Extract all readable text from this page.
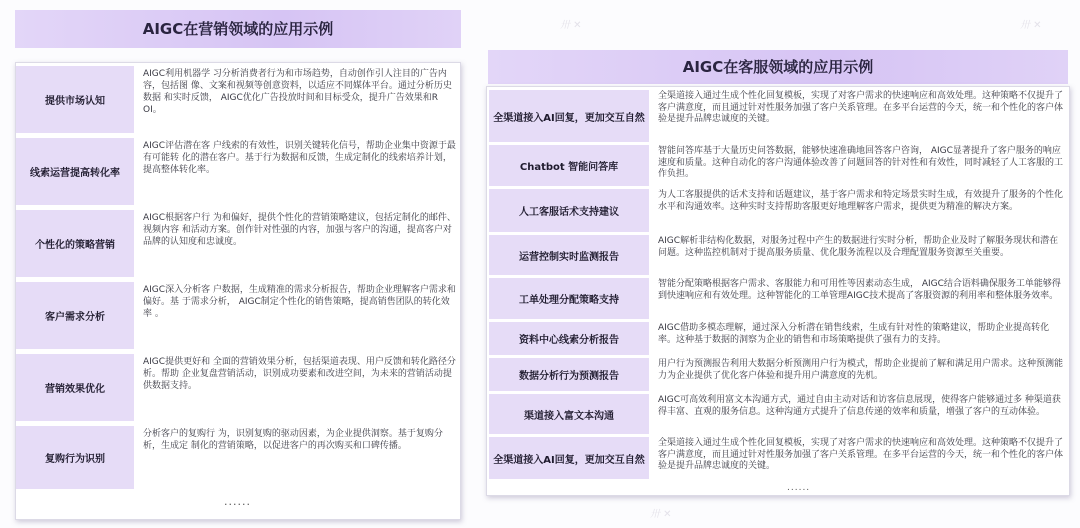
卅 ✕	卅 ✕
卅 ✕
AIGC在营销领域的应用示例
提供市场认知
AIGC利用机器学 习分析消费者行为和市场趋势，自动创作引人注目的广告内容，包括图 像、文案和视频等创意资料，以适应不同媒体平台。通过分析历史数据 和实时反馈， AIGC优化广告投放时间和目标受众，提升广告效果和R OI。
线索运营提高转化率
AIGC评估潜在客 户线索的有效性，识别关键转化信号，帮助企业集中资源于最有可能转 化的潜在客户。基于行为数据和反馈，生成定制化的线索培养计划， 提高整体转化率。
个性化的策略营销
AIGC根据客户行 为和偏好，提供个性化的营销策略建议，包括定制化的邮件、视频内容 和活动方案。创作针对性强的内容，加强与客户的沟通，提高客户对 品牌的认知度和忠诚度。
客户需求分析
AIGC深入分析客 户数据，生成精准的需求分析报告，帮助企业理解客户需求和偏好。基 于需求分析， AIGC制定个性化的销售策略，提高销售团队的转化效率 。
营销效果优化
AIGC提供更好和 全面的营销效果分析，包括渠道表现、用户反馈和转化路径分析。帮助 企业复盘营销活动，识别成功要素和改进空间，为未来的营销活动提 供数据支持。
复购行为识别
分析客户的复购行 为，识别复购的驱动因素，为企业提供洞察。基于复购分析，生成定 制化的营销策略，以促进客户的再次购买和口碑传播。
......
AIGC在客服领域的应用示例
全渠道接入AI回复，更加交互自然
全渠道接入通过生成个性化回复模板，实现了对客户需求的快速响应和高效处理。这种策略不仅提升了客户满意度，而且通过针对性服务加强了客户关系管理。在多平台运营的今天，统一和个性化的客户体验是提升品牌忠诚度的关键。
Chatbot 智能问答库
智能问答库基于大量历史问答数据，能够快速准确地回答客户咨询， AIGC显著提升了客户服务的响应速度和质量。这种自动化的客户沟通体验改善了问题回答的针对性和有效性，同时减轻了人工客服的工作负担。
人工客服话术支持建议
为人工客服提供的话术支持和话题建议，基于客户需求和特定场景实时生成，有效提升了服务的个性化水平和沟通效率。这种实时支持帮助客服更好地理解客户需求，提供更为精准的解决方案。
运营控制实时监测报告
AIGC解析非结构化数据，对服务过程中产生的数据进行实时分析，帮助企业及时了解服务现状和潜在问题。这种监控机制对于提高服务质量、优化服务流程以及合理配置服务资源至关重要。
工单处理分配策略支持
智能分配策略根据客户需求、客服能力和可用性等因素动态生成， AIGC结合语料确保服务工单能够得到快速响应和有效处理。这种智能化的工单管理AIGC技术提高了客服资源的利用率和整体服务效率。
资料中心线索分析报告
AIGC借助多模态理解，通过深入分析潜在销售线索，生成有针对性的策略建议，帮助企业提高转化率。这种基于数据的洞察为企业的销售和市场策略提供了强有力的支持。
数据分析行为预测报告
用户行为预测报告利用大数据分析预测用户行为模式，帮助企业提前了解和满足用户需求。这种预测能力为企业提供了优化客户体验和提升用户满意度的先机。
渠道接入富文本沟通
AIGC可高效利用富文本沟通方式，通过自由主动对话和访客信息展现，使得客户能够通过多 种渠道获得丰富、直观的服务信息。这种沟通方式提升了信息传递的效率和质量，增强了客户的互动体验。
全渠道接入AI回复，更加交互自然
全渠道接入通过生成个性化回复模板，实现了对客户需求的快速响应和高效处理。这种策略不仅提升了客户满意度，而且通过针对性服务加强了客户关系管理。在多平台运营的今天，统一和个性化的客户体验是提升品牌忠诚度的关键。
......
